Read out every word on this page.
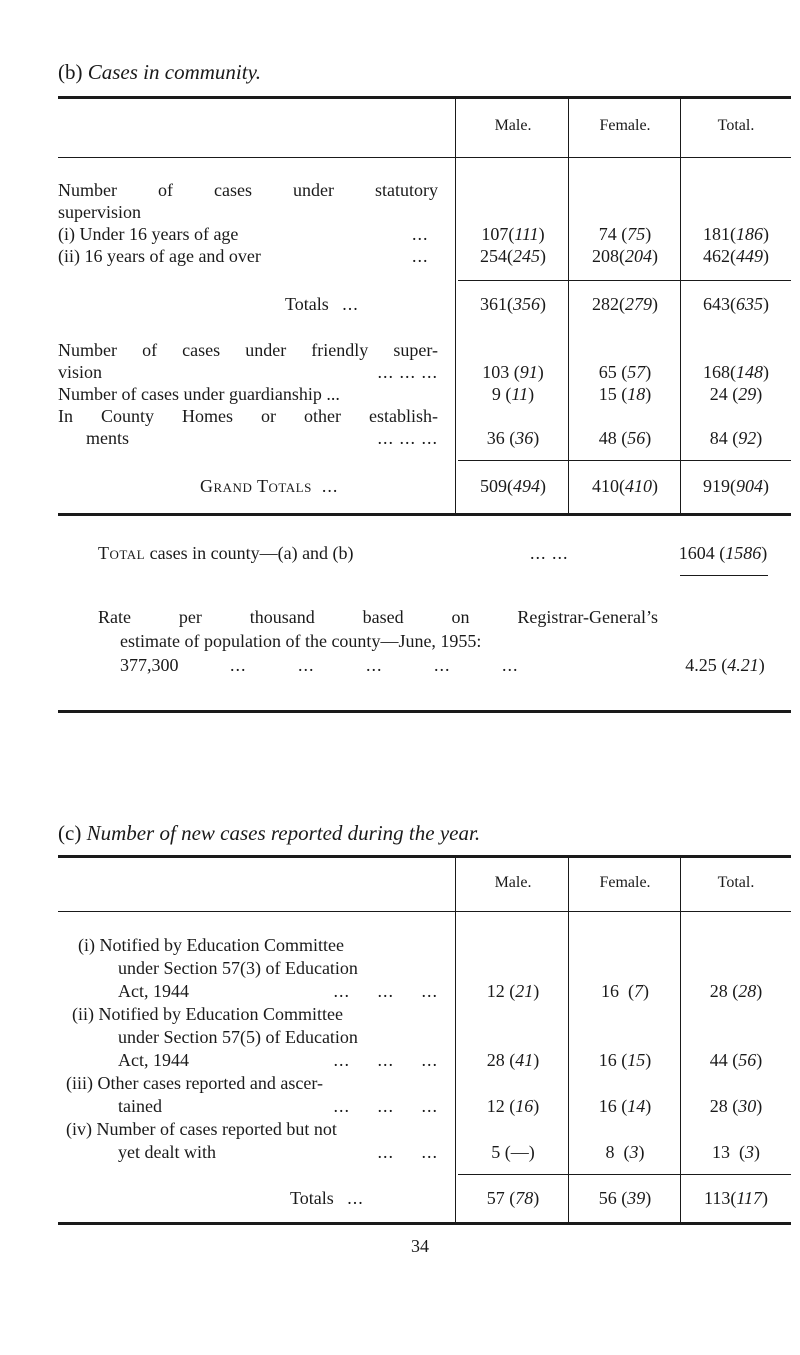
(b) Cases in community.
Male.	Female.	Total.
Number of cases under statutory
supervision
(i) Under 16 years of age	...	107(111)	74 (75)	181(186)
(ii) 16 years of age and over	...	254(245)	208(204)	462(449)
Totals ...	361(356)	282(279)	643(635)
Number of cases under friendly super-
vision	... ... ...	103 (91)	65 (57)	168(148)
Number of cases under guardianship ...	9 (11)	15 (18)	24 (29)
In County Homes or other establish-
ments	... ... ...	36 (36)	48 (56)	84 (92)
Grand Totals ...	509(494)	410(410)	919(904)
Total cases in county—(a) and (b)	... ...	1604 (1586)
Rate per thousand based on Registrar-General’s
estimate of population of the county—June, 1955:
377,300	... ... ... ... ...	4.25 (4.21)
(c) Number of new cases reported during the year.
Male.	Female.	Total.
(i) Notified by Education Committee
under Section 57(3) of Education
Act, 1944	... ... ...	12 (21)	16  (7)	28 (28)
(ii) Notified by Education Committee
under Section 57(5) of Education
Act, 1944	... ... ...	28 (41)	16 (15)	44 (56)
(iii) Other cases reported and ascer-
tained	... ... ...	12 (16)	16 (14)	28 (30)
(iv) Number of cases reported but not
yet dealt with	... ...	5 (—)	8  (3)	13  (3)
Totals ...	57 (78)	56 (39)	113(117)
34
